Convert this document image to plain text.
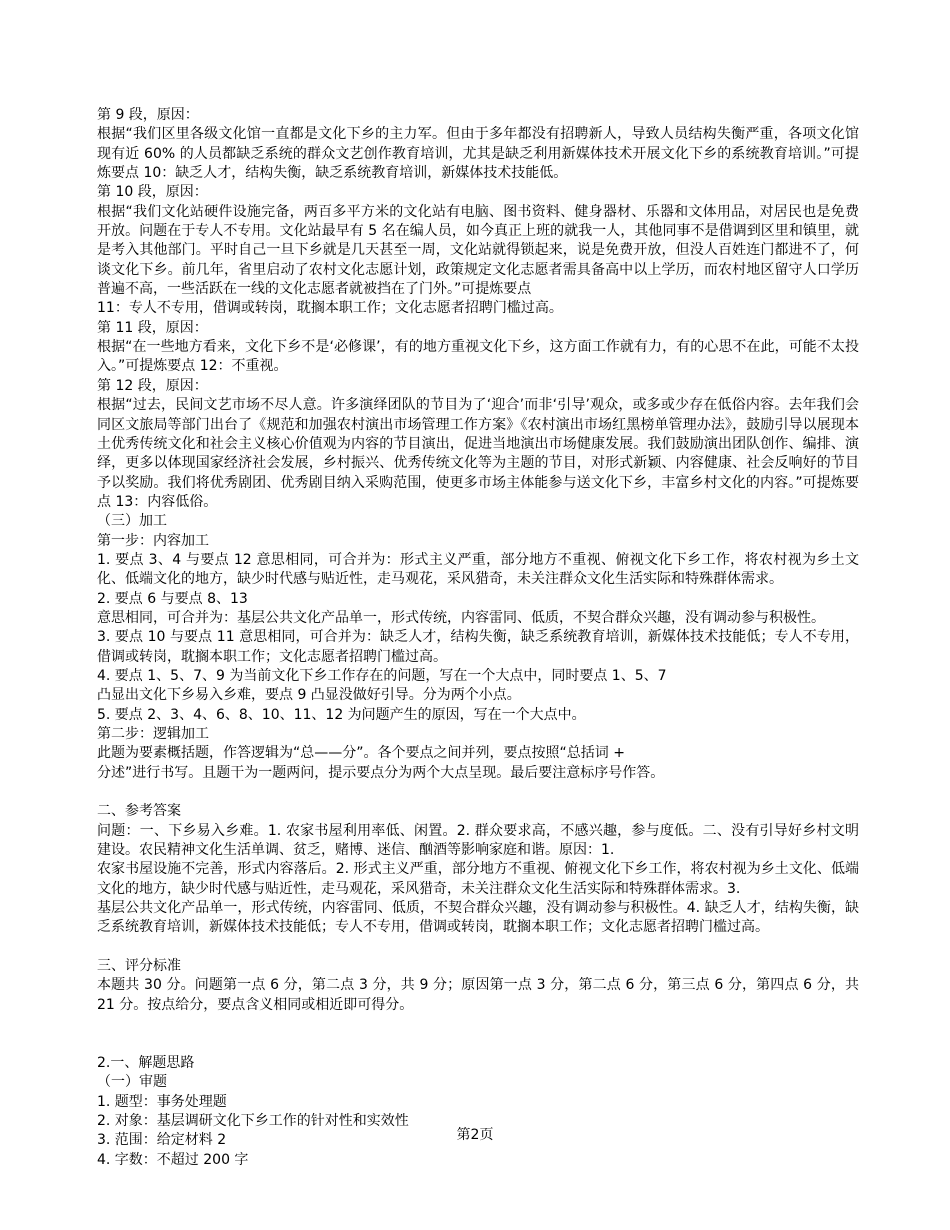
第 9 段，原因：

根据“我们区里各级文化馆一直都是文化下乡的主力军。但由于多年都没有招聘新人，导致人员结构失衡严重，各项文化馆现有近 60% 的人员都缺乏系统的群众文艺创作教育培训，尤其是缺乏利用新媒体技术开展文化下乡的系统教育培训。”可提炼要点 10：缺乏人才，结构失衡，缺乏系统教育培训，新媒体技术技能低。

第 10 段，原因：

根据“我们文化站硬件设施完备，两百多平方米的文化站有电脑、图书资料、健身器材、乐器和文体用品，对居民也是免费开放。问题在于专人不专用。文化站最早有 5 名在编人员，如今真正上班的就我一人，其他同事不是借调到区里和镇里，就是考入其他部门。平时自己一旦下乡就是几天甚至一周，文化站就得锁起来，说是免费开放，但没人百姓连门都进不了，何谈文化下乡。前几年，省里启动了农村文化志愿计划，政策规定文化志愿者需具备高中以上学历，而农村地区留守人口学历普遍不高，一些活跃在一线的文化志愿者就被挡在了门外。”可提炼要点

11：专人不专用，借调或转岗，耽搁本职工作；文化志愿者招聘门槛过高。

第 11 段，原因：

根据“在一些地方看来，文化下乡不是‘必修课’，有的地方重视文化下乡，这方面工作就有力，有的心思不在此，可能不太投入。”可提炼要点 12：不重视。

第 12 段，原因：

根据“过去，民间文艺市场不尽人意。许多演绎团队的节目为了‘迎合’而非‘引导’观众，或多或少存在低俗内容。去年我们会同区文旅局等部门出台了《规范和加强农村演出市场管理工作方案》《农村演出市场红黑榜单管理办法》，鼓励引导以展现本土优秀传统文化和社会主义核心价值观为内容的节目演出，促进当地演出市场健康发展。我们鼓励演出团队创作、编排、演绎，更多以体现国家经济社会发展，乡村振兴、优秀传统文化等为主题的节目，对形式新颖、内容健康、社会反响好的节目予以奖励。我们将优秀剧团、优秀剧目纳入采购范围，使更多市场主体能参与送文化下乡，丰富乡村文化的内容。”可提炼要点 13：内容低俗。

（三）加工

第一步：内容加工

1. 要点 3、4 与要点 12 意思相同，可合并为：形式主义严重，部分地方不重视、俯视文化下乡工作，将农村视为乡土文化、低端文化的地方，缺少时代感与贴近性，走马观花，采风猎奇，未关注群众文化生活实际和特殊群体需求。

2. 要点 6 与要点 8、13

意思相同，可合并为：基层公共文化产品单一，形式传统，内容雷同、低质，不契合群众兴趣，没有调动参与积极性。

3. 要点 10 与要点 11 意思相同，可合并为：缺乏人才，结构失衡，缺乏系统教育培训，新媒体技术技能低；专人不专用，借调或转岗，耽搁本职工作；文化志愿者招聘门槛过高。

4. 要点 1、5、7、9 为当前文化下乡工作存在的问题，写在一个大点中，同时要点 1、5、7

凸显出文化下乡易入乡难，要点 9 凸显没做好引导。分为两个小点。

5. 要点 2、3、4、6、8、10、11、12 为问题产生的原因，写在一个大点中。

第二步：逻辑加工

此题为要素概括题，作答逻辑为“总——分”。各个要点之间并列，要点按照“总括词 +

分述”进行书写。且题干为一题两问，提示要点分为两个大点呈现。最后要注意标序号作答。

二、参考答案

问题：一、下乡易入乡难。1. 农家书屋利用率低、闲置。2. 群众要求高，不感兴趣，参与度低。二、没有引导好乡村文明建设。农民精神文化生活单调、贫乏，赌博、迷信、酗酒等影响家庭和谐。原因：1.

农家书屋设施不完善，形式内容落后。2. 形式主义严重，部分地方不重视、俯视文化下乡工作，将农村视为乡土文化、低端文化的地方，缺少时代感与贴近性，走马观花，采风猎奇，未关注群众文化生活实际和特殊群体需求。3.

基层公共文化产品单一，形式传统，内容雷同、低质，不契合群众兴趣，没有调动参与积极性。4. 缺乏人才，结构失衡，缺乏系统教育培训，新媒体技术技能低；专人不专用，借调或转岗，耽搁本职工作；文化志愿者招聘门槛过高。

三、评分标准

本题共 30 分。问题第一点 6 分，第二点 3 分，共 9 分；原因第一点 3 分，第二点 6 分，第三点 6 分，第四点 6 分，共 21 分。按点给分，要点含义相同或相近即可得分。

2.一、解题思路

（一）审题

1. 题型：事务处理题

2. 对象：基层调研文化下乡工作的针对性和实效性

3. 范围：给定材料 2

4. 字数：不超过 200 字

第2页
